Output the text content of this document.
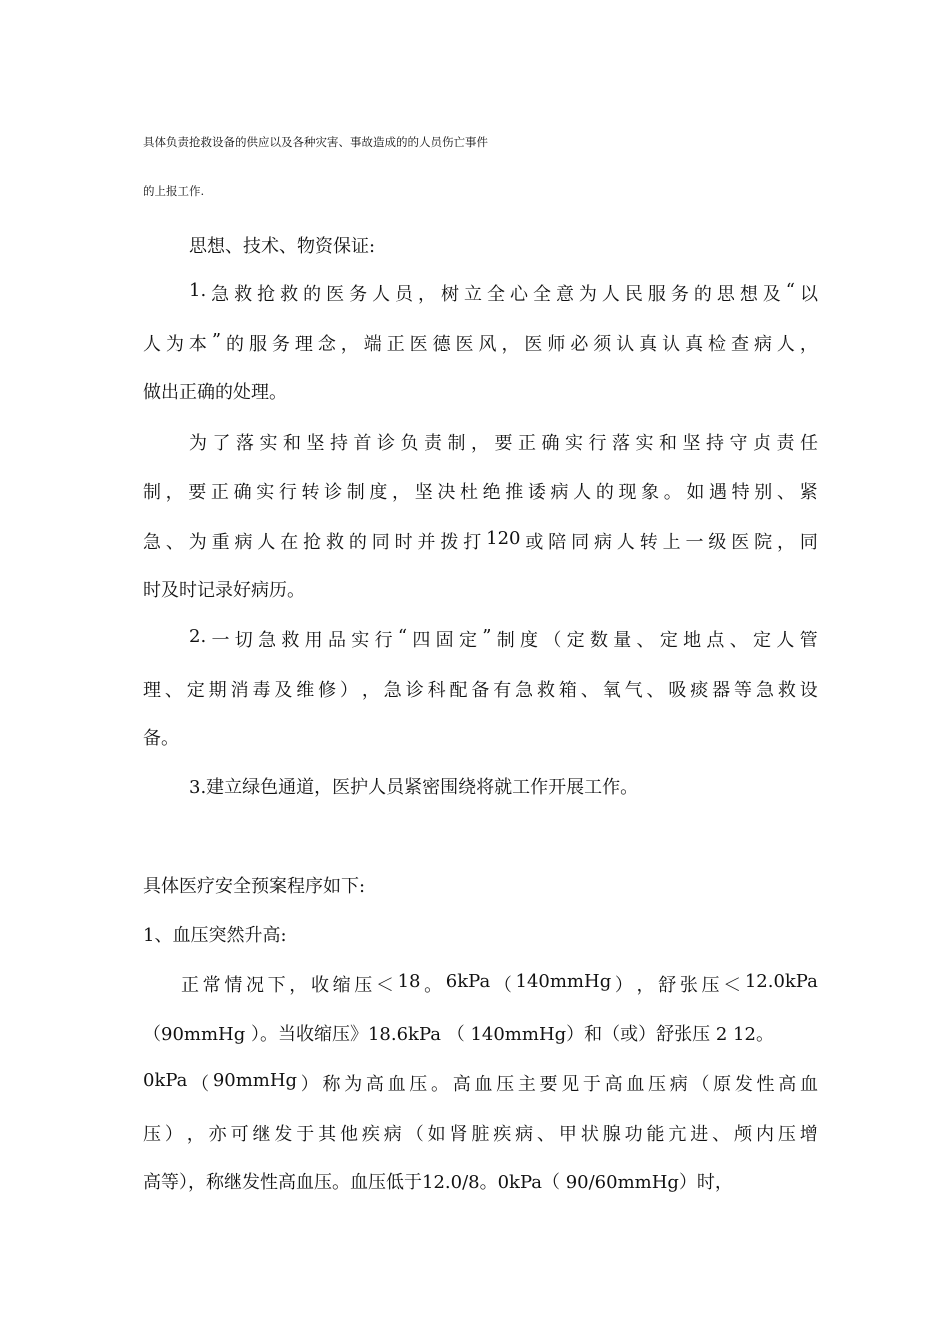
具体负责抢救设备的供应以及各种灾害、事故造成的的人员伤亡事件
的上报工作.
思想、技术、物资保证:
1. 急 救 抢 救 的 医 务 人 员 ， 树 立 全 心 全 意 为 人 民 服 务 的 思 想 及 “ 以
人 为 本 ” 的 服 务 理 念 ， 端 正 医 德 医 风 ， 医 师 必 须 认 真 认 真 检 查 病 人 ，
做出正确的处理。
为 了 落 实 和 坚 持 首 诊 负 责 制 ， 要 正 确 实 行 落 实 和 坚 持 守 贞 责 任
制 ， 要 正 确 实 行 转 诊 制 度 ， 坚 决 杜 绝 推 诿 病 人 的 现 象 。 如 遇 特 别 、 紧
急 、 为 重 病 人 在 抢 救 的 同 时 并 拨 打 120 或 陪 同 病 人 转 上 一 级 医 院 ， 同
时及时记录好病历。
2. 一 切 急 救 用 品 实 行 “ 四 固 定 ” 制 度 （ 定 数 量 、 定 地 点 、 定 人 管
理 、 定 期 消 毒 及 维 修 ） ， 急 诊 科 配 备 有 急 救 箱 、 氧 气 、 吸 痰 器 等 急 救 设
备。
3.建立绿色通道，医护人员紧密围绕将就工作开展工作。
具体医疗安全预案程序如下:
1、血压突然升高:
正 常 情 况 下 ， 收 缩 压 ＜ 18 。 6kPa （ 140mmHg ） ， 舒 张 压 ＜ 12.0kPa
（90mmHg ）。当收缩压》18.6kPa （ 140mmHg）和（或）舒张压 2 12。
0kPa （ 90mmHg ） 称 为 高 血 压 。 高 血 压 主 要 见 于 高 血 压 病 （ 原 发 性 高 血
压 ） ， 亦 可 继 发 于 其 他 疾 病 （ 如 肾 脏 疾 病 、 甲 状 腺 功 能 亢 进 、 颅 内 压 增
高等），称继发性高血压。血压低于12.0/8。0kPa（ 90/60mmHg）时，
